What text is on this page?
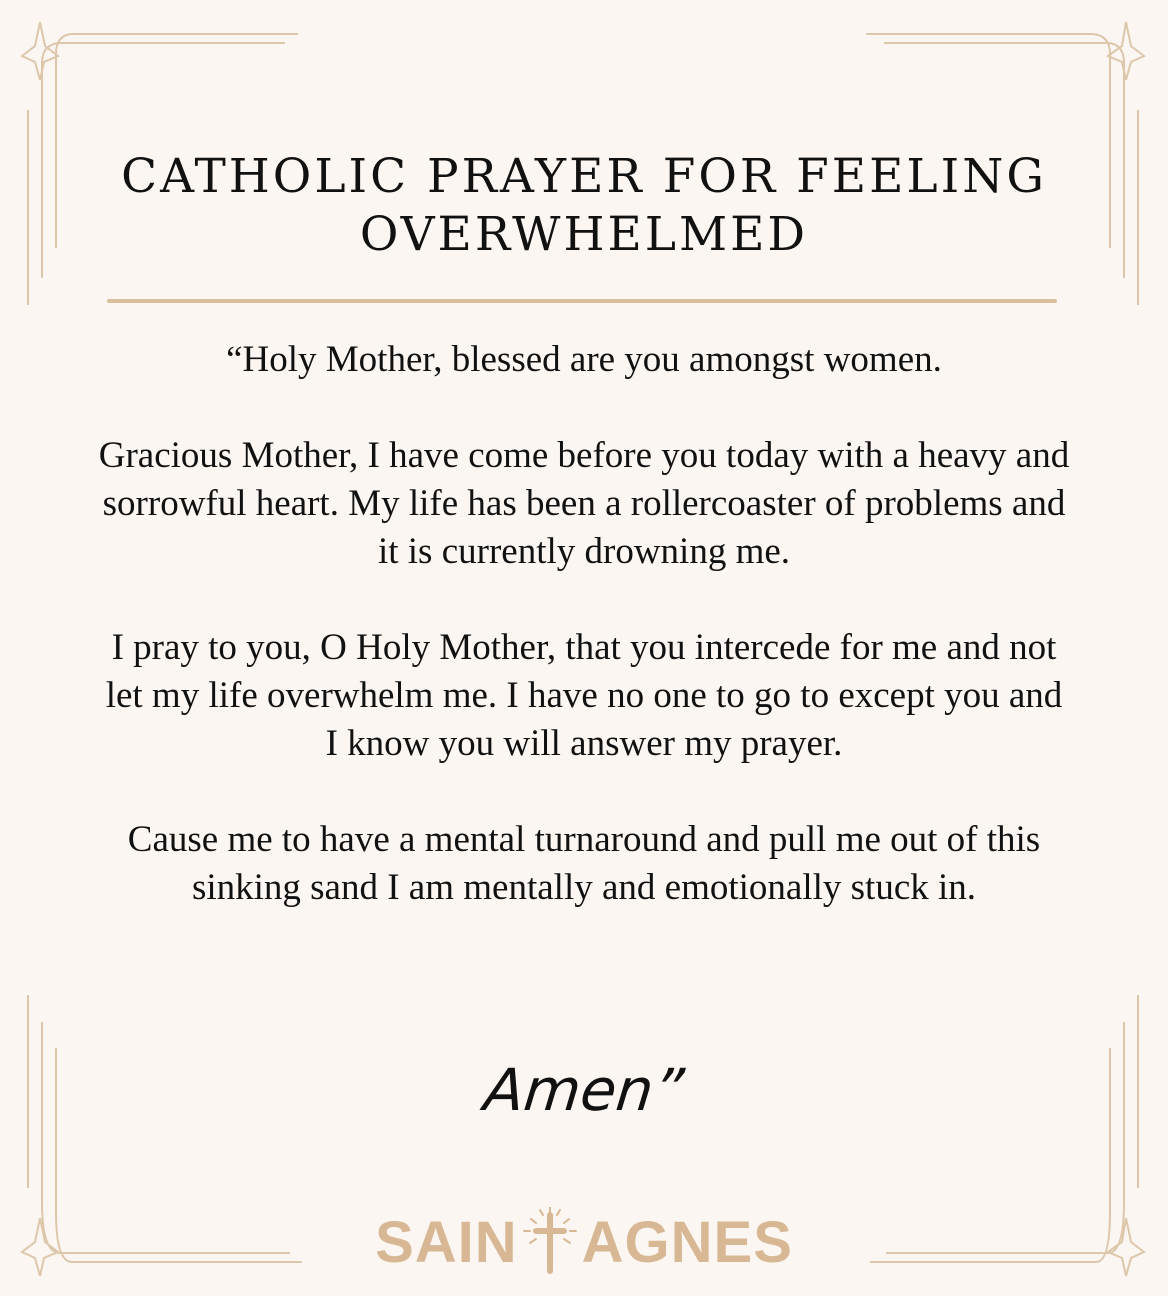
CATHOLIC PRAYER FOR FEELING
OVERWHELMED

“Holy Mother, blessed are you amongst women.

Gracious Mother, I have come before you today with a heavy and sorrowful heart. My life has been a rollercoaster of problems and it is currently drowning me.

I pray to you, O Holy Mother, that you intercede for me and not let my life overwhelm me. I have no one to go to except you and I know you will answer my prayer.

Cause me to have a mental turnaround and pull me out of this sinking sand I am mentally and emotionally stuck in.

Amen”
SAIN AGNES
